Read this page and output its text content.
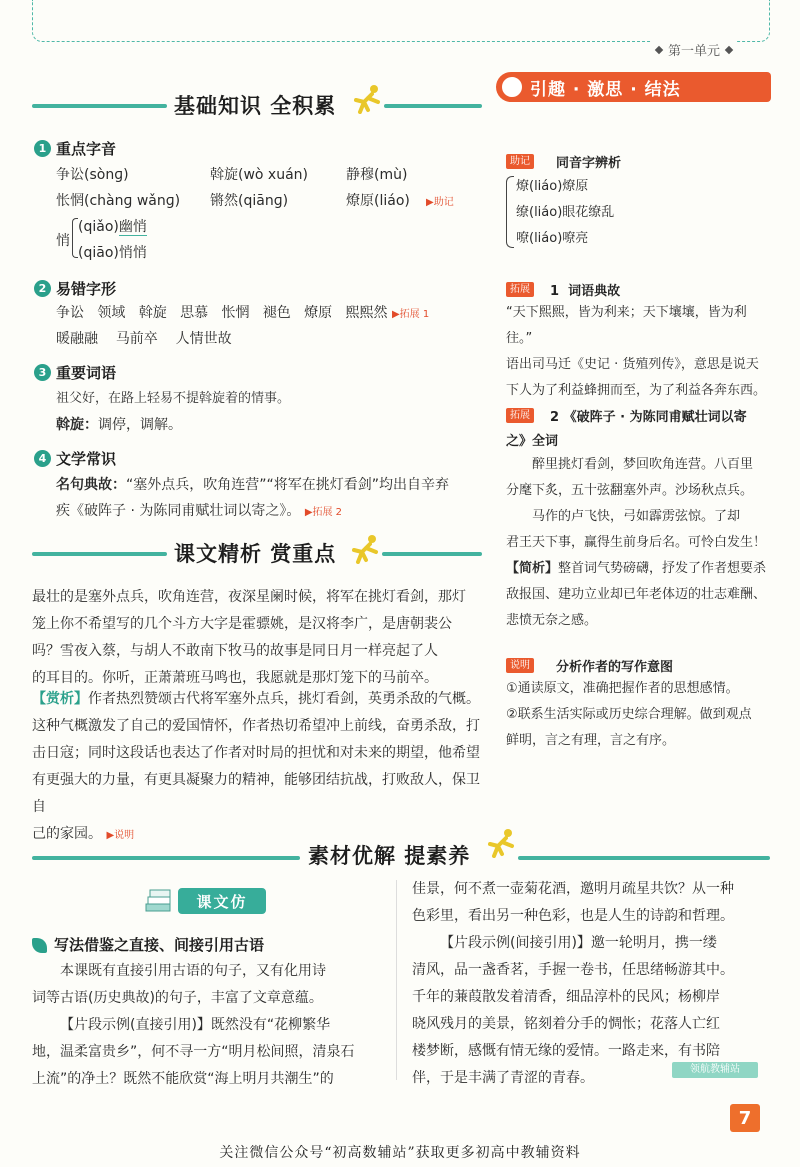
第一单元
基础知识 全积累
引趣 · 激思 · 结法
1 重点字音
争讼(sònɡ)	斡旋(wò xuán)	静穆(mù)
怅惘(chànɡ wǎnɡ) 锵然(qiānɡ)	燎原(liáo) ▶助记
悄
(qiǎo)幽悄
(qiāo)悄悄
2 易错字形
争讼 领域 斡旋 思慕 怅惘 褪色 燎原 熙熙然 ▶拓展 1
暖融融 马前卒 人情世故
3 重要词语
祖父好，在路上轻易不提斡旋着的情事。
斡旋：调停，调解。
4 文学常识
名句典故：“塞外点兵，吹角连营”“将军在挑灯看剑”均出自辛弃
疾《破阵子 · 为陈同甫赋壮词以寄之》。 ▶拓展 2
课文精析 赏重点
最壮的是塞外点兵，吹角连营，夜深星阑时候，将军在挑灯看剑，那灯
笼上你不希望写的几个斗方大字是霍骠姚，是汉将李广，是唐朝裴公
吗？雪夜入蔡，与胡人不敢南下牧马的故事是同日月一样亮起了人
的耳目的。你听，正萧萧班马鸣也，我愿就是那灯笼下的马前卒。
【赏析】作者热烈赞颂古代将军塞外点兵，挑灯看剑，英勇杀敌的气概。
这种气概激发了自己的爱国情怀，作者热切希望冲上前线，奋勇杀敌，打
击日寇；同时这段话也表达了作者对时局的担忧和对未来的期望，他希望
有更强大的力量，有更具凝聚力的精神，能够团结抗战，打败敌人，保卫自
己的家园。 ▶说明
助记	同音字辨析
燎(liáo)燎原
缭(liáo)眼花缭乱
嘹(liáo)嘹亮
拓展	1 词语典故
“天下熙熙，皆为利来；天下壤壤，皆为利往。”
语出司马迁《史记 · 货殖列传》，意思是说天
下人为了利益蜂拥而至，为了利益各奔东西。
拓展	2 《破阵子 · 为陈同甫赋壮词以寄
之》全词
醉里挑灯看剑，梦回吹角连营。八百里
分麾下炙，五十弦翻塞外声。沙场秋点兵。
马作的卢飞快，弓如霹雳弦惊。了却
君王天下事，赢得生前身后名。可怜白发生！
【简析】整首词气势磅礴，抒发了作者想要杀
敌报国、建功立业却已年老体迈的壮志难酬、
悲愤无奈之感。
说明	分析作者的写作意图
①通读原文，准确把握作者的思想感情。
②联系生活实际或历史综合理解。做到观点
鲜明，言之有理，言之有序。
素材优解 提素养
课文仿
写法借鉴之直接、间接引用古语
本课既有直接引用古语的句子，又有化用诗
词等古语(历史典故)的句子，丰富了文章意蕴。
【片段示例(直接引用)】既然没有“花柳繁华
地，温柔富贵乡”，何不寻一方“明月松间照，清泉石
上流”的净土？既然不能欣赏“海上明月共潮生”的
佳景，何不煮一壶菊花酒，邀明月疏星共饮？从一种
色彩里，看出另一种色彩，也是人生的诗韵和哲理。
【片段示例(间接引用)】邀一轮明月，携一缕
清风，品一盏香茗，手握一卷书，任思绪畅游其中。
千年的蒹葭散发着清香，细品淳朴的民风；杨柳岸
晓风残月的美景，铭刻着分手的惆怅；花落人亡红
楼梦断，感慨有情无缘的爱情。一路走来，有书陪
伴，于是丰满了青涩的青春。
领航教辅站
7
关注微信公众号“初高数辅站”获取更多初高中教辅资料
